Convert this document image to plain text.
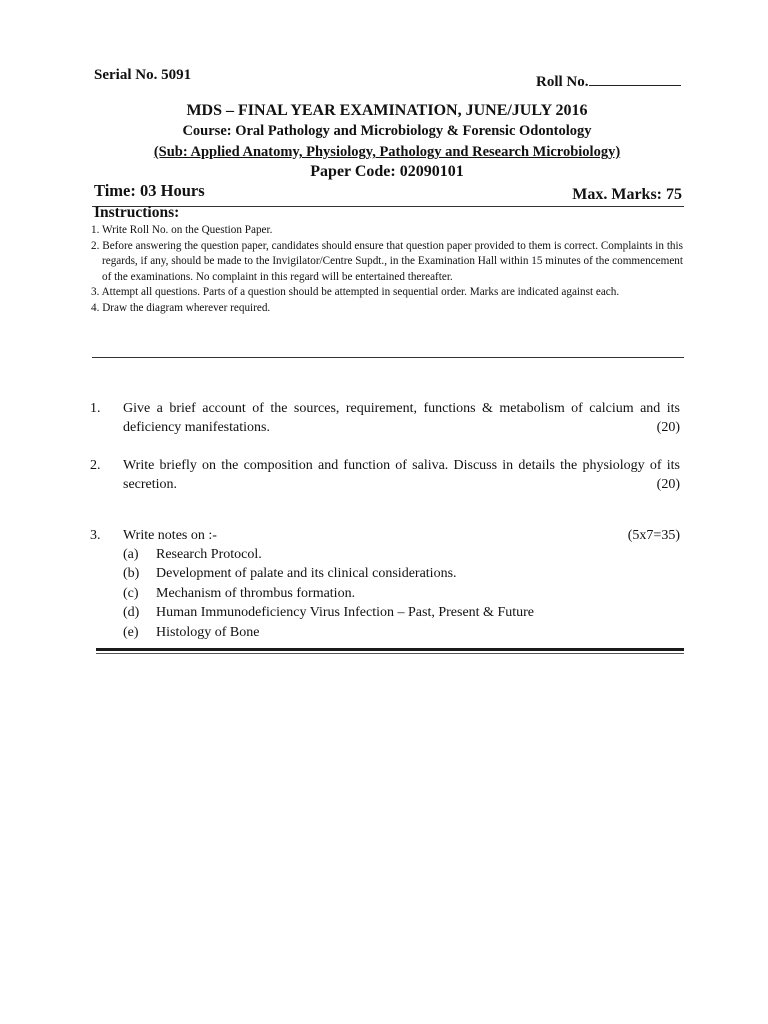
Serial No. 5091	Roll No.
MDS – FINAL YEAR EXAMINATION, JUNE/JULY 2016
Course: Oral Pathology and Microbiology & Forensic Odontology
(Sub: Applied Anatomy, Physiology, Pathology and Research Microbiology)
Paper Code: 02090101
Time: 03 Hours	Max. Marks: 75
Instructions:
1. Write Roll No. on the Question Paper.
2. Before answering the question paper, candidates should ensure that question paper provided to them is correct. Complaints in this regards, if any, should be made to the Invigilator/Centre Supdt., in the Examination Hall within 15 minutes of the commencement of the examinations. No complaint in this regard will be entertained thereafter.
3. Attempt all questions. Parts of a question should be attempted in sequential order. Marks are indicated against each.
4. Draw the diagram wherever required.
1. Give a brief account of the sources, requirement, functions & metabolism of calcium and its deficiency manifestations.	(20)
2. Write briefly on the composition and function of saliva. Discuss in details the physiology of its secretion.	(20)
3. Write notes on :-	(5x7=35)
(a) Research Protocol.
(b) Development of palate and its clinical considerations.
(c) Mechanism of thrombus formation.
(d) Human Immunodeficiency Virus Infection – Past, Present & Future
(e) Histology of Bone
